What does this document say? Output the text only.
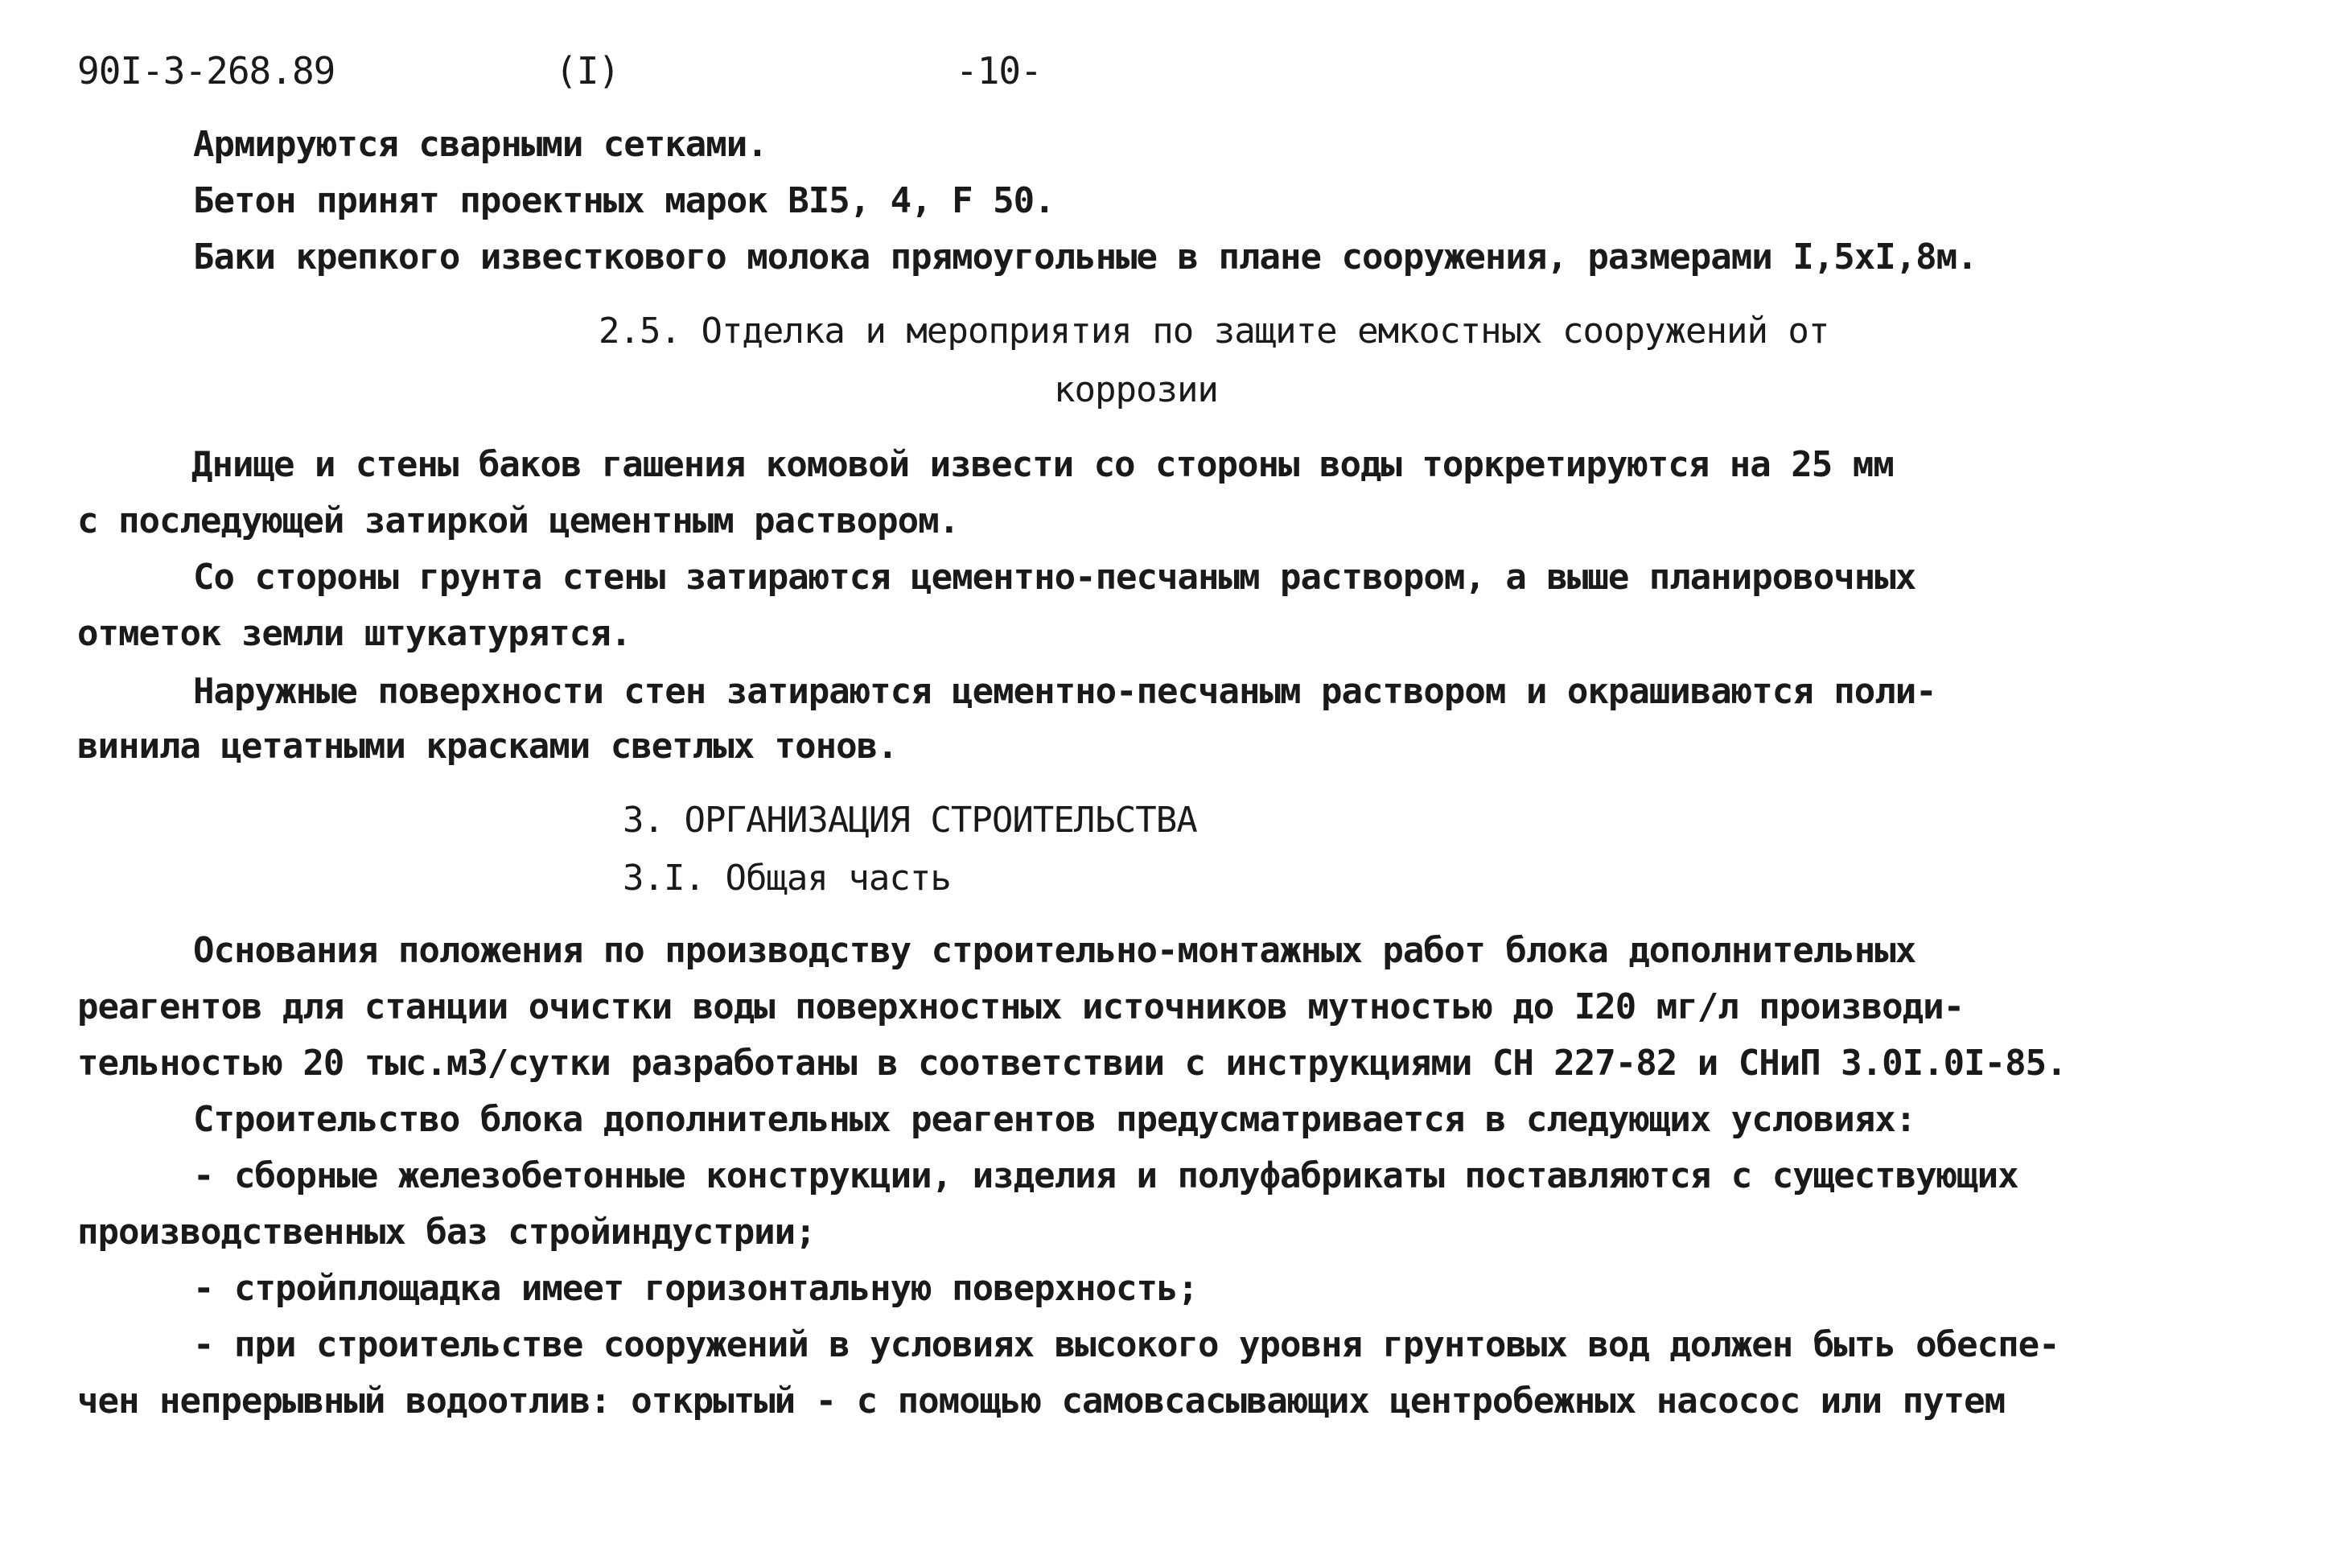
90I-3-268.89	(I)	-10-
Армируются сварными сетками.
Бетон принят проектных марок BI5, 4, F 50.
Баки крепкого известкового молока прямоугольные в плане сооружения, размерами I,5xI,8м.
2.5. Отделка и мероприятия по защите емкостных сооружений от
коррозии
Днище и стены баков гашения комовой извести со стороны воды торкретируются на 25 мм
с последующей затиркой цементным раствором.
Со стороны грунта стены затираются цементно-песчаным раствором, а выше планировочных
отметок земли штукатурятся.
Наружные поверхности стен затираются цементно-песчаным раствором и окрашиваются поли-
винила цетатными красками светлых тонов.
3. ОРГАНИЗАЦИЯ СТРОИТЕЛЬСТВА
3.I. Общая часть
Основания положения по производству строительно-монтажных работ блока дополнительных
реагентов для станции очистки воды поверхностных источников мутностью до I20 мг/л производи-
тельностью 20 тыс.м3/сутки разработаны в соответствии с инструкциями СН 227-82 и СНиП 3.0I.0I-85.
Строительство блока дополнительных реагентов предусматривается в следующих условиях:
- сборные железобетонные конструкции, изделия и полуфабрикаты поставляются с существующих
производственных баз стройиндустрии;
- стройплощадка имеет горизонтальную поверхность;
- при строительстве сооружений в условиях высокого уровня грунтовых вод должен быть обеспе-
чен непрерывный водоотлив: открытый - с помощью самовсасывающих центробежных насосос или путем
